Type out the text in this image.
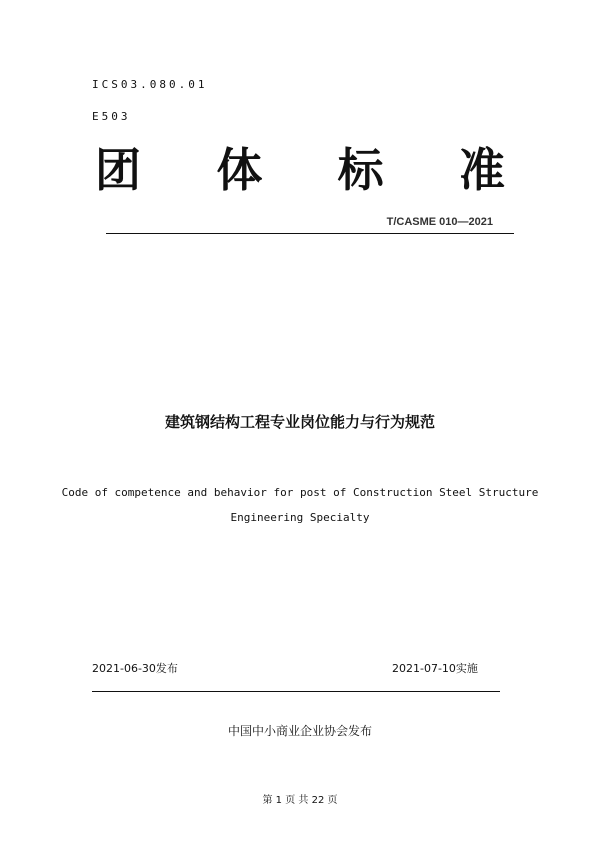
ICS03.080.01
E503
团 体 标 准
T/CASME 010—2021
建筑钢结构工程专业岗位能力与行为规范
Code of competence and behavior for post of Construction Steel Structure
Engineering Specialty
2021-06-30发布	2021-07-10实施
中国中小商业企业协会发布
第 1 页 共 22 页
